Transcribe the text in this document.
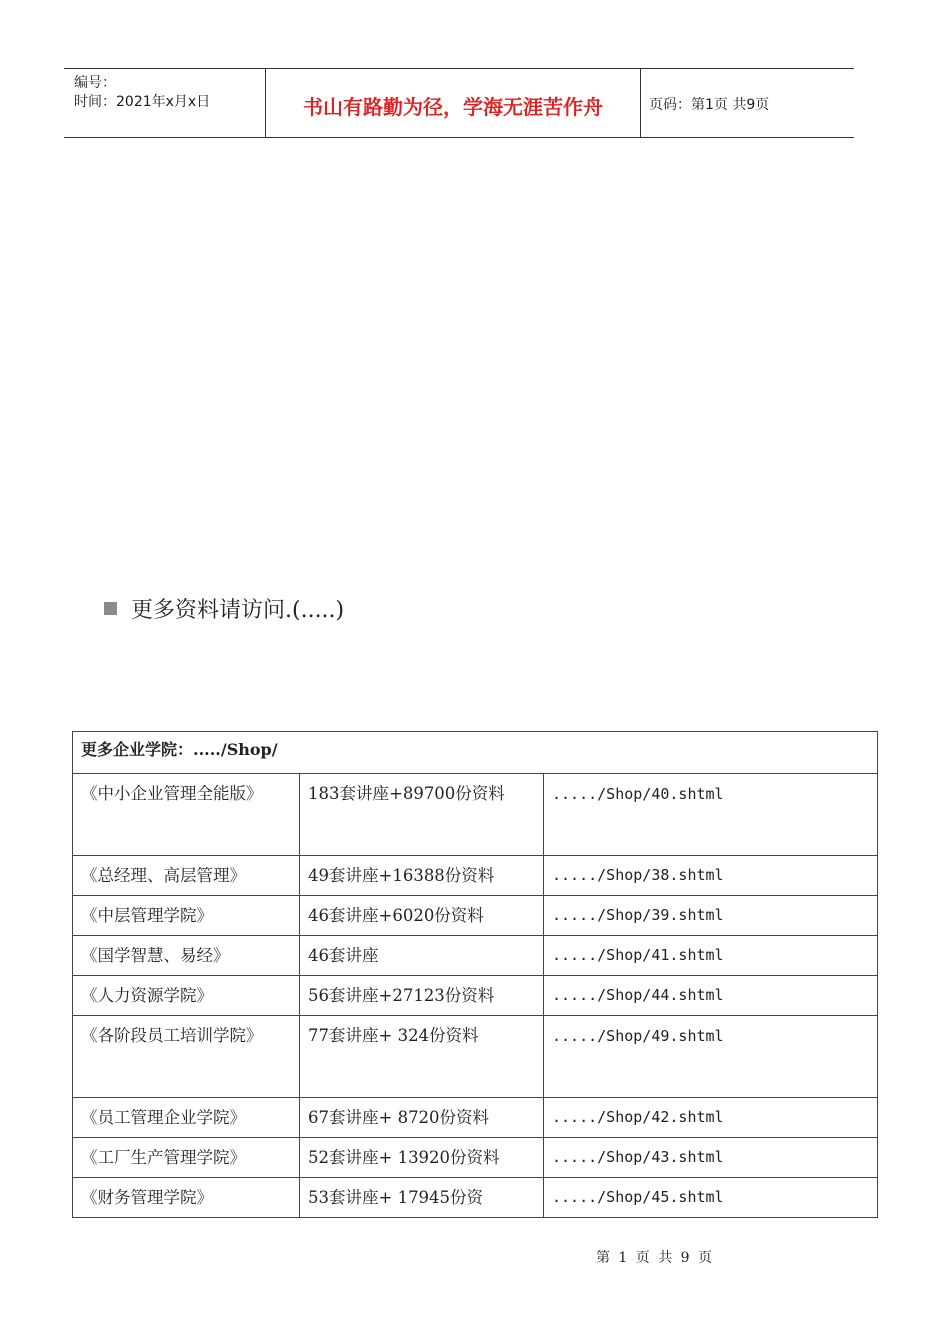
编号：
时间：2021年x月x日	书山有路勤为径，学海无涯苦作舟	页码：第1页 共9页
更多资料请访问.(.....)
更多企业学院：...../Shop/		
《中小企业管理全能版》	183套讲座+89700份资料	...../Shop/40.shtml
《总经理、高层管理》	49套讲座+16388份资料	...../Shop/38.shtml
《中层管理学院》	46套讲座+6020份资料	...../Shop/39.shtml
《国学智慧、易经》	46套讲座	...../Shop/41.shtml
《人力资源学院》	56套讲座+27123份资料	...../Shop/44.shtml
《各阶段员工培训学院》	77套讲座+ 324份资料	...../Shop/49.shtml
《员工管理企业学院》	67套讲座+ 8720份资料	...../Shop/42.shtml
《工厂生产管理学院》	52套讲座+ 13920份资料	...../Shop/43.shtml
《财务管理学院》	53套讲座+ 17945份资	...../Shop/45.shtml
第 1 页 共 9 页
